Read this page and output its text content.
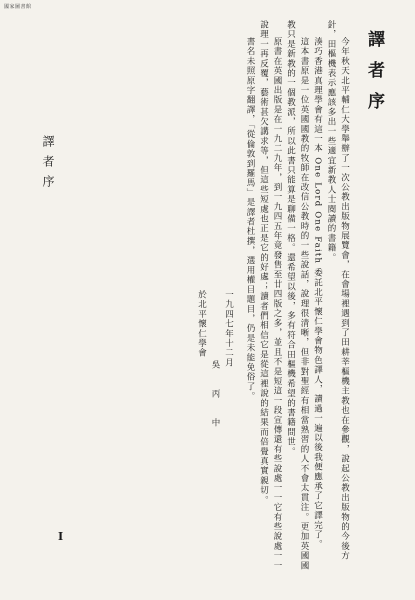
國家圖書館
譯者序
I
譯者序

今年秋天北平輔仁大學舉辦了一次公教出版物展覽會，在會場裡遇到了田耕莘樞機主教也在參觀，說起公教出版物的今後方針，田樞機表示應該多出一些適宜新教人士閱讀的書籍。

湊巧香港真理學會有這一本 One Lord One Faith 委託北平懷仁學會物色譯人，讀過一遍以後我便應承了它譯完了。

這本書原是一位英國國教的牧師在改信公教時的一些說話，說理很清晰，但非對聖經有相當熟習的人不會太貫注。更加英國國教只是新教的一個教派，所以此書只能算是聊備一格。還希望以後，多有符合田樞機希望的書籍問世。

原書在英國出版是在一九二九年，到一九四五年竟發售至廿四版之多，並且不是短這一段宣傳還有些說處一一它有些說處一一說理一再反覆，藝術甚欠講求等，但這些短處也正是它的好處；讀者們相信它是從這裡說的結果而倍覺真實親切。

書名未照原字翻譯，「從倫敦到羅馬」是譯者杜撰，選用權目題目，仍是未能免俗了。

一九四七年十二月

吳　丙　中

於北平懷仁學會
